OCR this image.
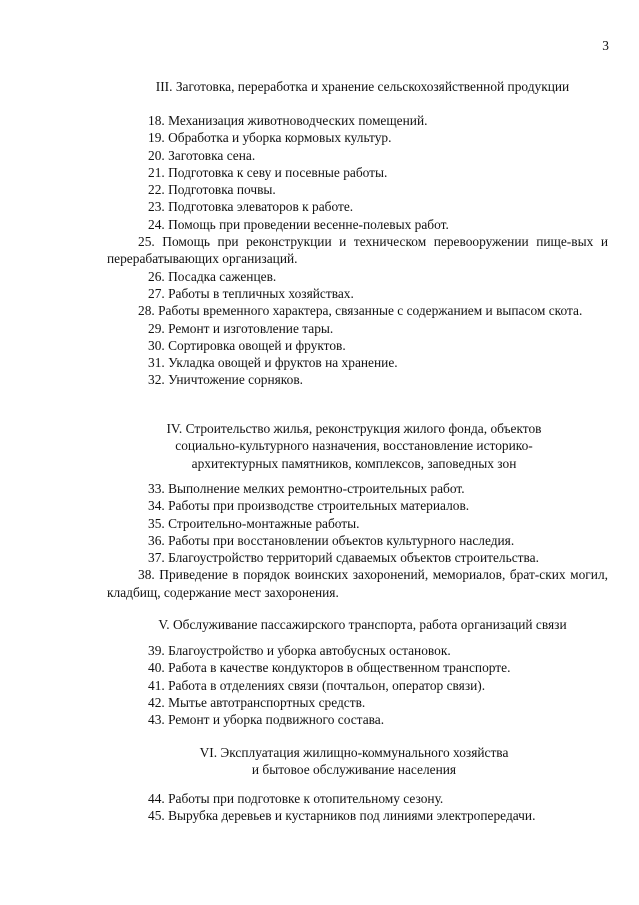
3
III. Заготовка, переработка и хранение сельскохозяйственной продукции

18. Механизация животноводческих помещений.

19. Обработка и уборка кормовых культур.

20. Заготовка сена.

21. Подготовка к севу и посевные работы.

22. Подготовка почвы.

23. Подготовка элеваторов к работе.

24. Помощь при проведении весенне-полевых работ.

25. Помощь при реконструкции и техническом перевооружении пище-вых и перерабатывающих организаций.

26. Посадка саженцев.

27. Работы в тепличных хозяйствах.

28. Работы временного характера, связанные с содержанием и выпасом скота.

29. Ремонт и изготовление тары.

30. Сортировка овощей и фруктов.

31. Укладка овощей и фруктов на хранение.

32. Уничтожение сорняков.

IV. Строительство жилья, реконструкция жилого фонда, объектов
социально-культурного назначения, восстановление историко-
архитектурных памятников, комплексов, заповедных зон

33. Выполнение мелких ремонтно-строительных работ.

34. Работы при производстве строительных материалов.

35. Строительно-монтажные работы.

36. Работы при восстановлении объектов культурного наследия.

37. Благоустройство территорий сдаваемых объектов строительства.

38. Приведение в порядок воинских захоронений, мемориалов, брат-ских могил, кладбищ, содержание мест захоронения.

V. Обслуживание пассажирского транспорта, работа организаций связи

39. Благоустройство и уборка автобусных остановок.

40. Работа в качестве кондукторов в общественном транспорте.

41. Работа в отделениях связи (почтальон, оператор связи).

42. Мытье автотранспортных средств.

43. Ремонт и уборка подвижного состава.

VI. Эксплуатация жилищно-коммунального хозяйства
и бытовое обслуживание населения

44. Работы при подготовке к отопительному сезону.

45. Вырубка деревьев и кустарников под линиями электропередачи.
